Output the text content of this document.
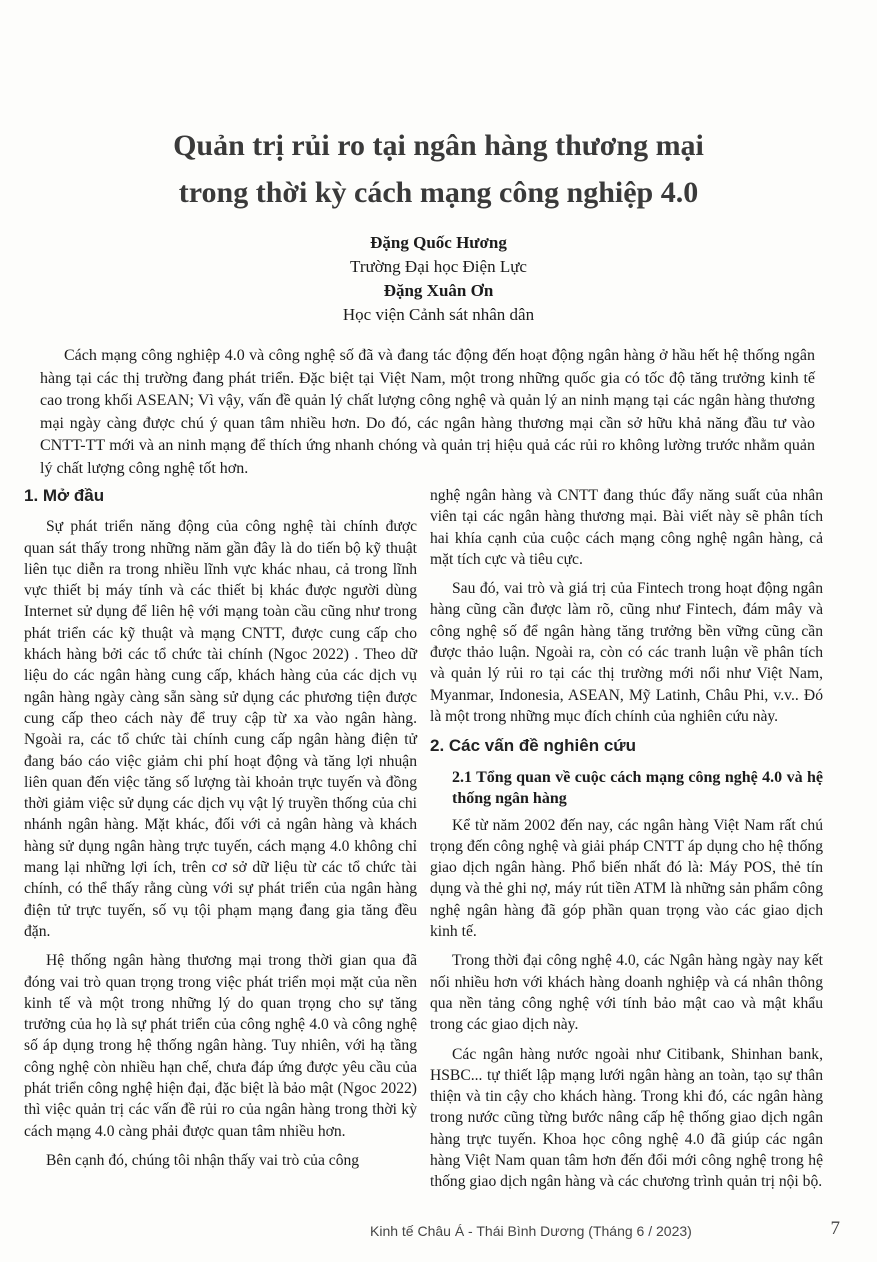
Quản trị rủi ro tại ngân hàng thương mại
trong thời kỳ cách mạng công nghiệp 4.0
Đặng Quốc Hương
Trường Đại học Điện Lực
Đặng Xuân Ơn
Học viện Cảnh sát nhân dân

Cách mạng công nghiệp 4.0 và công nghệ số đã và đang tác động đến hoạt động ngân hàng ở hầu hết hệ thống ngân hàng tại các thị trường đang phát triển. Đặc biệt tại Việt Nam, một trong những quốc gia có tốc độ tăng trưởng kinh tế cao trong khối ASEAN; Vì vậy, vấn đề quản lý chất lượng công nghệ và quản lý an ninh mạng tại các ngân hàng thương mại ngày càng được chú ý quan tâm nhiều hơn. Do đó, các ngân hàng thương mại cần sở hữu khả năng đầu tư vào CNTT-TT mới và an ninh mạng để thích ứng nhanh chóng và quản trị hiệu quả các rủi ro không lường trước nhằm quản lý chất lượng công nghệ tốt hơn.

1. Mở đầu

Sự phát triển năng động của công nghệ tài chính được quan sát thấy trong những năm gần đây là do tiến bộ kỹ thuật liên tục diễn ra trong nhiều lĩnh vực khác nhau, cả trong lĩnh vực thiết bị máy tính và các thiết bị khác được người dùng Internet sử dụng để liên hệ với mạng toàn cầu cũng như trong phát triển các kỹ thuật và mạng CNTT, được cung cấp cho khách hàng bởi các tổ chức tài chính (Ngoc 2022) . Theo dữ liệu do các ngân hàng cung cấp, khách hàng của các dịch vụ ngân hàng ngày càng sẵn sàng sử dụng các phương tiện được cung cấp theo cách này để truy cập từ xa vào ngân hàng. Ngoài ra, các tổ chức tài chính cung cấp ngân hàng điện tử đang báo cáo việc giảm chi phí hoạt động và tăng lợi nhuận liên quan đến việc tăng số lượng tài khoản trực tuyến và đồng thời giảm việc sử dụng các dịch vụ vật lý truyền thống của chi nhánh ngân hàng. Mặt khác, đối với cả ngân hàng và khách hàng sử dụng ngân hàng trực tuyến, cách mạng 4.0 không chỉ mang lại những lợi ích, trên cơ sở dữ liệu từ các tổ chức tài chính, có thể thấy rằng cùng với sự phát triển của ngân hàng điện tử trực tuyến, số vụ tội phạm mạng đang gia tăng đều đặn.

Hệ thống ngân hàng thương mại trong thời gian qua đã đóng vai trò quan trọng trong việc phát triển mọi mặt của nền kinh tế và một trong những lý do quan trọng cho sự tăng trưởng của họ là sự phát triển của công nghệ 4.0 và công nghệ số áp dụng trong hệ thống ngân hàng. Tuy nhiên, với hạ tầng công nghệ còn nhiều hạn chế, chưa đáp ứng được yêu cầu của phát triển công nghệ hiện đại, đặc biệt là bảo mật (Ngoc 2022) thì việc quản trị các vấn đề rủi ro của ngân hàng trong thời kỳ cách mạng 4.0 càng phải được quan tâm nhiều hơn.

Bên cạnh đó, chúng tôi nhận thấy vai trò của công

nghệ ngân hàng và CNTT đang thúc đẩy năng suất của nhân viên tại các ngân hàng thương mại. Bài viết này sẽ phân tích hai khía cạnh của cuộc cách mạng công nghệ ngân hàng, cả mặt tích cực và tiêu cực.

Sau đó, vai trò và giá trị của Fintech trong hoạt động ngân hàng cũng cần được làm rõ, cũng như Fintech, đám mây và công nghệ số để ngân hàng tăng trưởng bền vững cũng cần được thảo luận. Ngoài ra, còn có các tranh luận về phân tích và quản lý rủi ro tại các thị trường mới nổi như Việt Nam, Myanmar, Indonesia, ASEAN, Mỹ Latinh, Châu Phi, v.v.. Đó là một trong những mục đích chính của nghiên cứu này.

2. Các vấn đề nghiên cứu
2.1 Tổng quan về cuộc cách mạng công nghệ 4.0 và hệ thống ngân hàng

Kể từ năm 2002 đến nay, các ngân hàng Việt Nam rất chú trọng đến công nghệ và giải pháp CNTT áp dụng cho hệ thống giao dịch ngân hàng. Phổ biến nhất đó là: Máy POS, thẻ tín dụng và thẻ ghi nợ, máy rút tiền ATM là những sản phẩm công nghệ ngân hàng đã góp phần quan trọng vào các giao dịch kinh tế.

Trong thời đại công nghệ 4.0, các Ngân hàng ngày nay kết nối nhiều hơn với khách hàng doanh nghiệp và cá nhân thông qua nền tảng công nghệ với tính bảo mật cao và mật khẩu trong các giao dịch này.

Các ngân hàng nước ngoài như Citibank, Shinhan bank, HSBC... tự thiết lập mạng lưới ngân hàng an toàn, tạo sự thân thiện và tin cậy cho khách hàng. Trong khi đó, các ngân hàng trong nước cũng từng bước nâng cấp hệ thống giao dịch ngân hàng trực tuyến. Khoa học công nghệ 4.0 đã giúp các ngân hàng Việt Nam quan tâm hơn đến đổi mới công nghệ trong hệ thống giao dịch ngân hàng và các chương trình quản trị nội bộ.

Kinh tế Châu Á - Thái Bình Dương (Tháng 6 / 2023)	7
